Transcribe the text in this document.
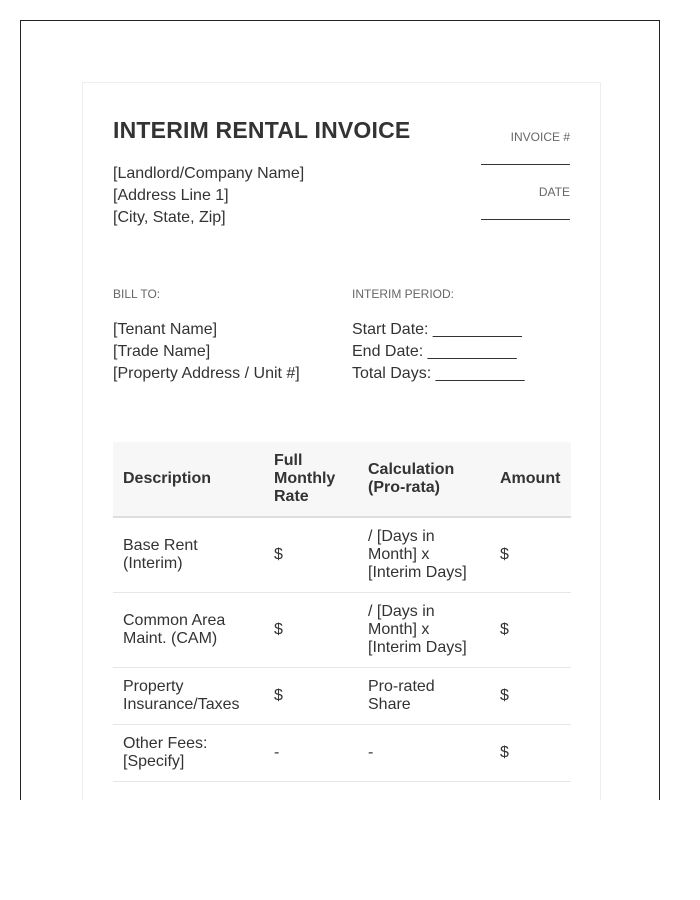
INTERIM RENTAL INVOICE
[Landlord/Company Name]
[Address Line 1]
[City, State, Zip]
INVOICE #
DATE
BILL TO:
[Tenant Name]
[Trade Name]
[Property Address / Unit #]
INTERIM PERIOD:
Start Date: __________
End Date: __________
Total Days: __________
Description	Full Monthly Rate	Calculation (Pro-rata)	Amount
Base Rent (Interim)	$	/ [Days in Month] x [Interim Days]	$
Common Area Maint. (CAM)	$	/ [Days in Month] x [Interim Days]	$
Property Insurance/Taxes	$	Pro-rated Share	$
Other Fees: [Specify]	-	-	$
